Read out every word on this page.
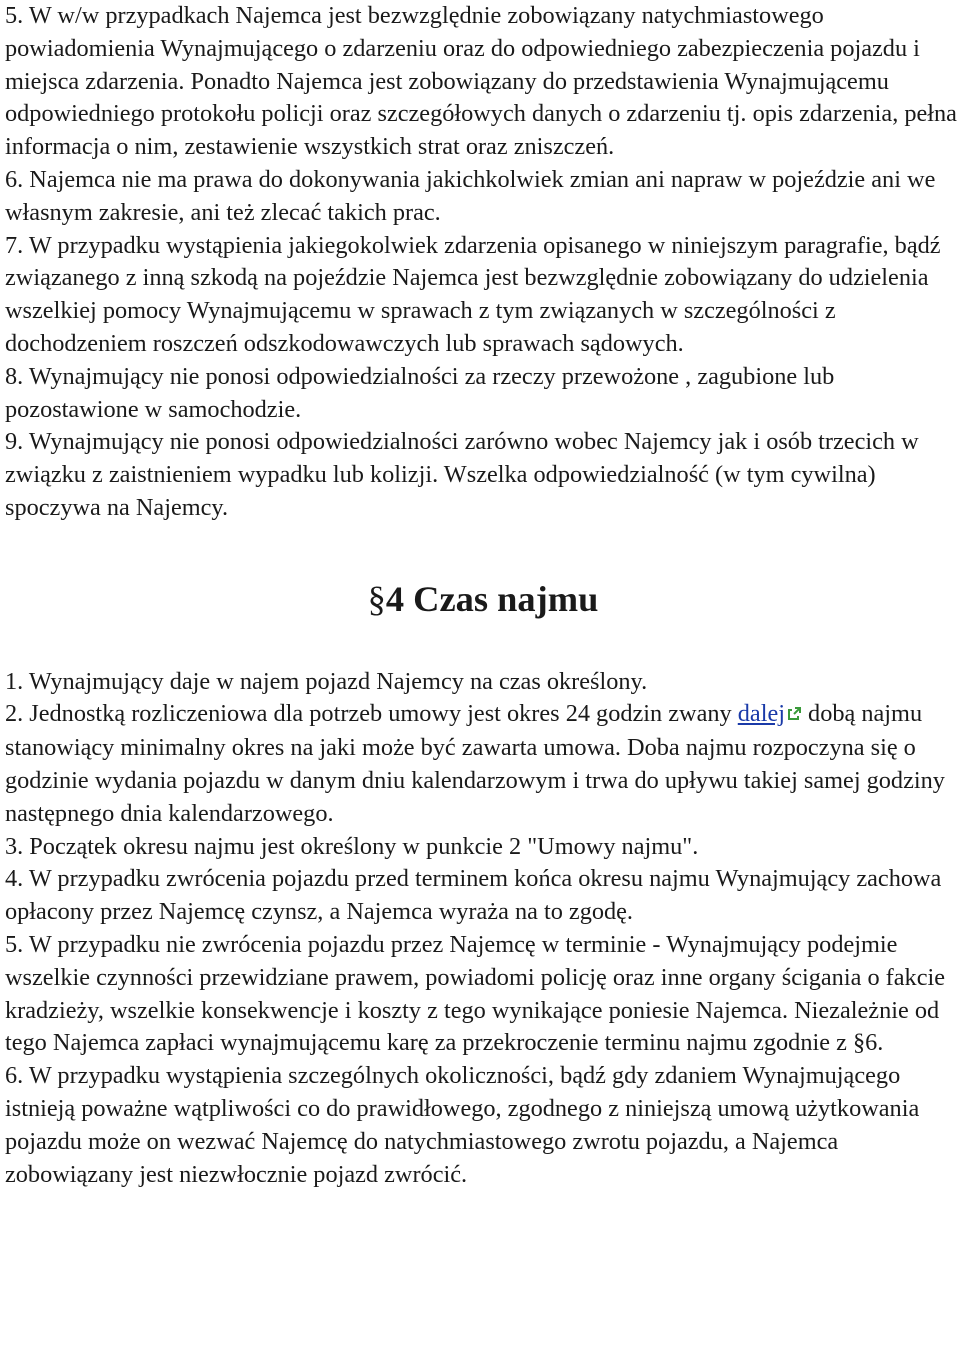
5. W w/w przypadkach Najemca jest bezwzględnie zobowiązany natychmiastowego powiadomienia Wynajmującego o zdarzeniu oraz do odpowiedniego zabezpieczenia pojazdu i miejsca zdarzenia. Ponadto Najemca jest zobowiązany do przedstawienia Wynajmującemu odpowiedniego protokołu policji oraz szczegółowych danych o zdarzeniu tj. opis zdarzenia, pełna informacja o nim, zestawienie wszystkich strat oraz zniszczeń.

6. Najemca nie ma prawa do dokonywania jakichkolwiek zmian ani napraw w pojeździe ani we własnym zakresie, ani też zlecać takich prac.

7. W przypadku wystąpienia jakiegokolwiek zdarzenia opisanego w niniejszym paragrafie, bądź związanego z inną szkodą na pojeździe Najemca jest bezwzględnie zobowiązany do udzielenia wszelkiej pomocy Wynajmującemu w sprawach z tym związanych w szczególności z dochodzeniem roszczeń odszkodowawczych lub sprawach sądowych.

8. Wynajmujący nie ponosi odpowiedzialności za rzeczy przewożone , zagubione lub pozostawione w samochodzie.

9. Wynajmujący nie ponosi odpowiedzialności zarówno wobec Najemcy jak i osób trzecich w związku z zaistnieniem wypadku lub kolizji. Wszelka odpowiedzialność (w tym cywilna) spoczywa na Najemcy.

§4 Czas najmu

1. Wynajmujący daje w najem pojazd Najemcy na czas określony.

2. Jednostką rozliczeniowa dla potrzeb umowy jest okres 24 godzin zwany dalej dobą najmu stanowiący minimalny okres na jaki może być zawarta umowa. Doba najmu rozpoczyna się o godzinie wydania pojazdu w danym dniu kalendarzowym i trwa do upływu takiej samej godziny następnego dnia kalendarzowego.

3. Początek okresu najmu jest określony w punkcie 2 "Umowy najmu".

4. W przypadku zwrócenia pojazdu przed terminem końca okresu najmu Wynajmujący zachowa opłacony przez Najemcę czynsz, a Najemca wyraża na to zgodę.

5. W przypadku nie zwrócenia pojazdu przez Najemcę w terminie - Wynajmujący podejmie wszelkie czynności przewidziane prawem, powiadomi policję oraz inne organy ścigania o fakcie kradzieży, wszelkie konsekwencje i koszty z tego wynikające poniesie Najemca. Niezależnie od tego Najemca zapłaci wynajmującemu karę za przekroczenie terminu najmu zgodnie z §6.

6. W przypadku wystąpienia szczególnych okoliczności, bądź gdy zdaniem Wynajmującego istnieją poważne wątpliwości co do prawidłowego, zgodnego z niniejszą umową użytkowania pojazdu może on wezwać Najemcę do natychmiastowego zwrotu pojazdu, a Najemca zobowiązany jest niezwłocznie pojazd zwrócić.
